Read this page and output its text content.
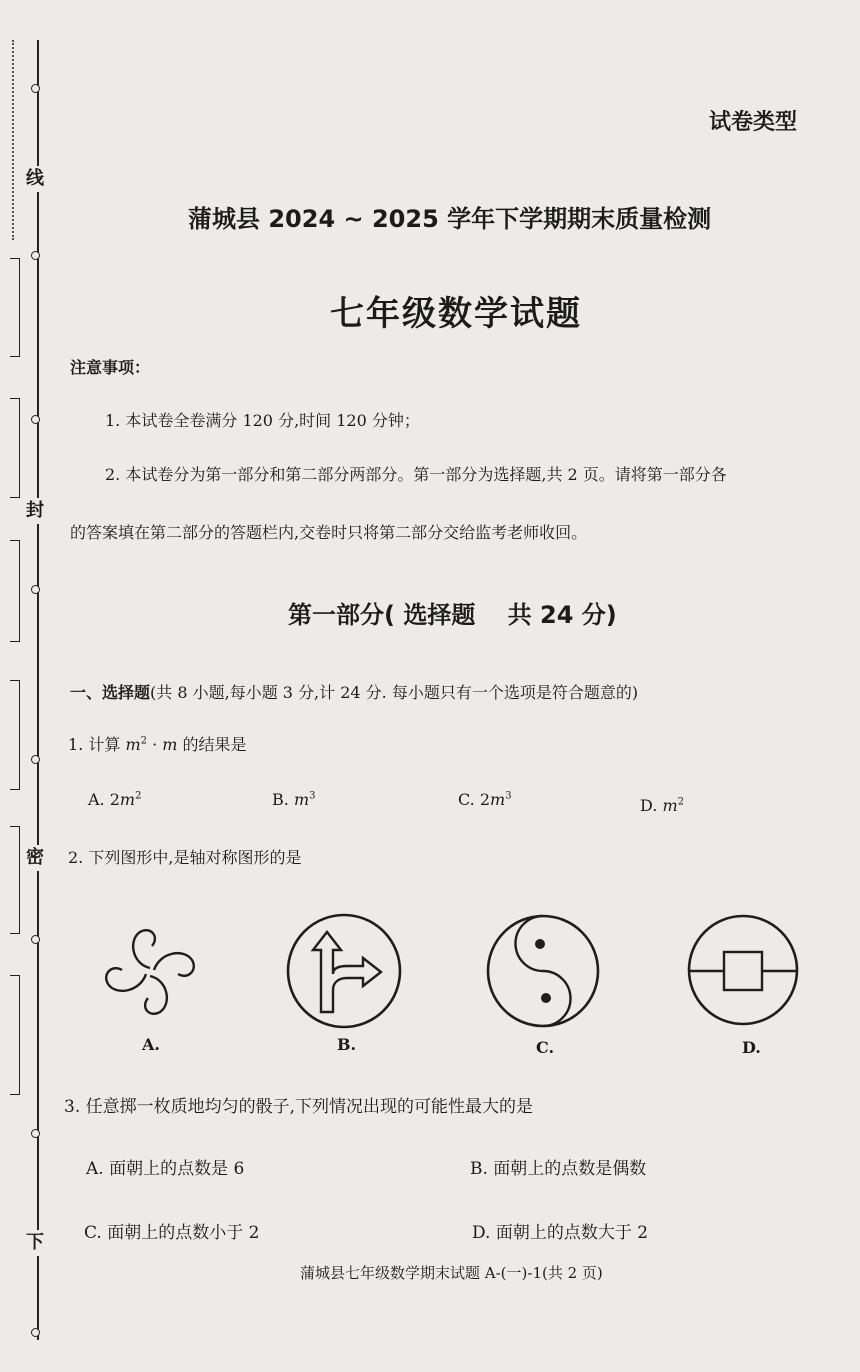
线
封
密
下
试卷类型
蒲城县 2024 ~ 2025 学年下学期期末质量检测
七年级数学试题
注意事项：
1. 本试卷全卷满分 120 分,时间 120 分钟；
2. 本试卷分为第一部分和第二部分两部分。第一部分为选择题,共 2 页。请将第一部分各
的答案填在第二部分的答题栏内,交卷时只将第二部分交给监考老师收回。
第一部分( 选择题　 共 24 分)
一、选择题(共 8 小题,每小题 3 分,计 24 分. 每小题只有一个选项是符合题意的)
1. 计算 $m^2 \cdot m$ 的结果是
A. $2m^2$	B. $m^3$	C. $2m^3$	D. $m^2$
2. 下列图形中,是轴对称图形的是
A.	B.	C.	D.
3. 任意掷一枚质地均匀的骰子,下列情况出现的可能性最大的是
A. 面朝上的点数是 6	B. 面朝上的点数是偶数
C. 面朝上的点数小于 2	D. 面朝上的点数大于 2
蒲城县七年级数学期末试题 A-(一)-1(共 2 页)
